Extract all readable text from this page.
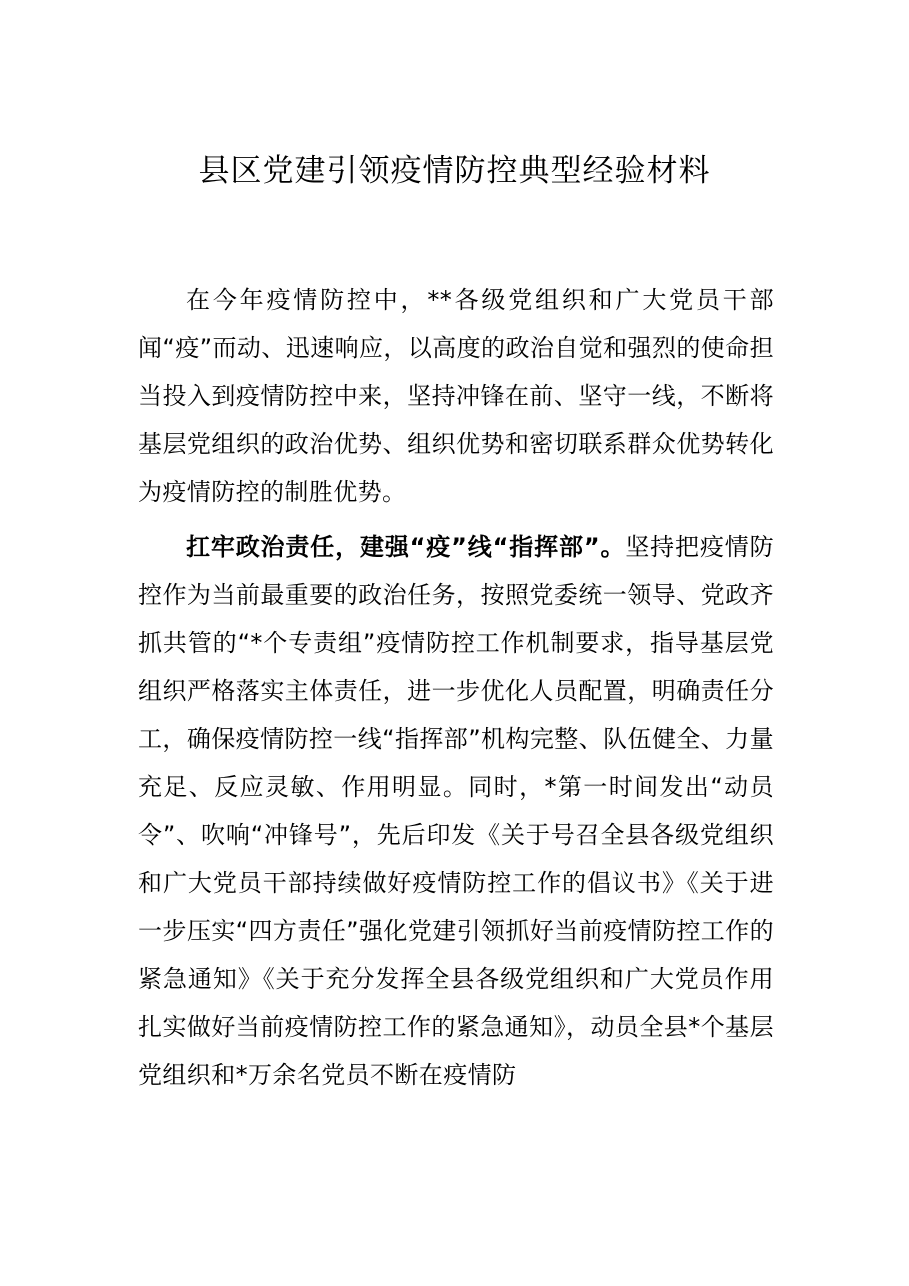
县区党建引领疫情防控典型经验材料

在今年疫情防控中，**各级党组织和广大党员干部闻“疫”而动、迅速响应，以高度的政治自觉和强烈的使命担当投入到疫情防控中来，坚持冲锋在前、坚守一线，不断将基层党组织的政治优势、组织优势和密切联系群众优势转化为疫情防控的制胜优势。

扛牢政治责任，建强“疫”线“指挥部”。坚持把疫情防控作为当前最重要的政治任务，按照党委统一领导、党政齐抓共管的“*个专责组”疫情防控工作机制要求，指导基层党组织严格落实主体责任，进一步优化人员配置，明确责任分工，确保疫情防控一线“指挥部”机构完整、队伍健全、力量充足、反应灵敏、作用明显。同时，*第一时间发出“动员令”、吹响“冲锋号”，先后印发《关于号召全县各级党组织和广大党员干部持续做好疫情防控工作的倡议书》《关于进一步压实“四方责任”强化党建引领抓好当前疫情防控工作的紧急通知》《关于充分发挥全县各级党组织和广大党员作用扎实做好当前疫情防控工作的紧急通知》，动员全县*个基层党组织和*万余名党员不断在疫情防
